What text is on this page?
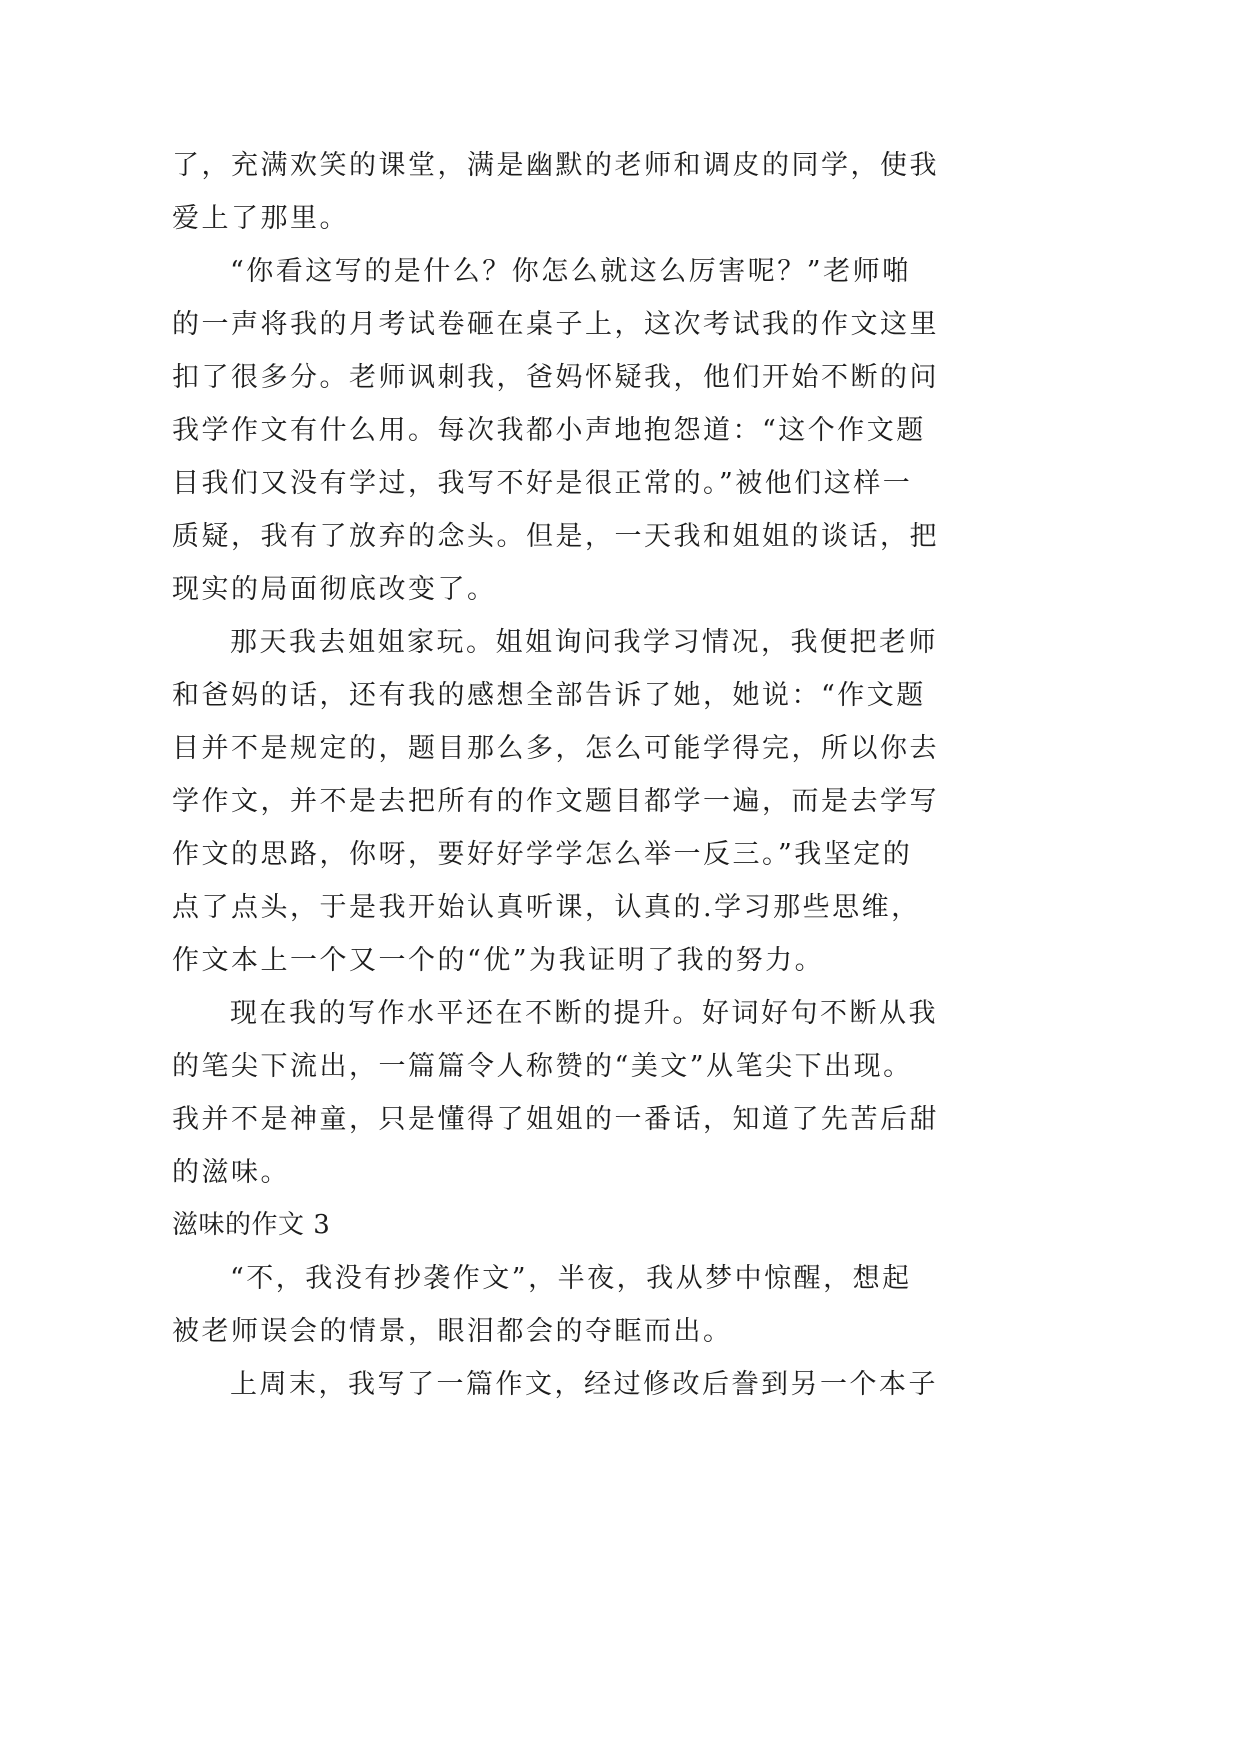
了，充满欢笑的课堂，满是幽默的老师和调皮的同学，使我
爱上了那里。
“你看这写的是什么？你怎么就这么厉害呢？”老师啪
的一声将我的月考试卷砸在桌子上，这次考试我的作文这里
扣了很多分。老师讽刺我，爸妈怀疑我，他们开始不断的问
我学作文有什么用。每次我都小声地抱怨道：“这个作文题
目我们又没有学过，我写不好是很正常的。”被他们这样一
质疑，我有了放弃的念头。但是，一天我和姐姐的谈话，把
现实的局面彻底改变了。
那天我去姐姐家玩。姐姐询问我学习情况，我便把老师
和爸妈的话，还有我的感想全部告诉了她，她说：“作文题
目并不是规定的，题目那么多，怎么可能学得完，所以你去
学作文，并不是去把所有的作文题目都学一遍，而是去学写
作文的思路，你呀，要好好学学怎么举一反三。”我坚定的
点了点头，于是我开始认真听课，认真的.学习那些思维，
作文本上一个又一个的“优”为我证明了我的努力。
现在我的写作水平还在不断的提升。好词好句不断从我
的笔尖下流出，一篇篇令人称赞的“美文”从笔尖下出现。
我并不是神童，只是懂得了姐姐的一番话，知道了先苦后甜
的滋味。
滋味的作文 3
“不，我没有抄袭作文”，半夜，我从梦中惊醒，想起
被老师误会的情景，眼泪都会的夺眶而出。
上周末，我写了一篇作文，经过修改后誊到另一个本子
